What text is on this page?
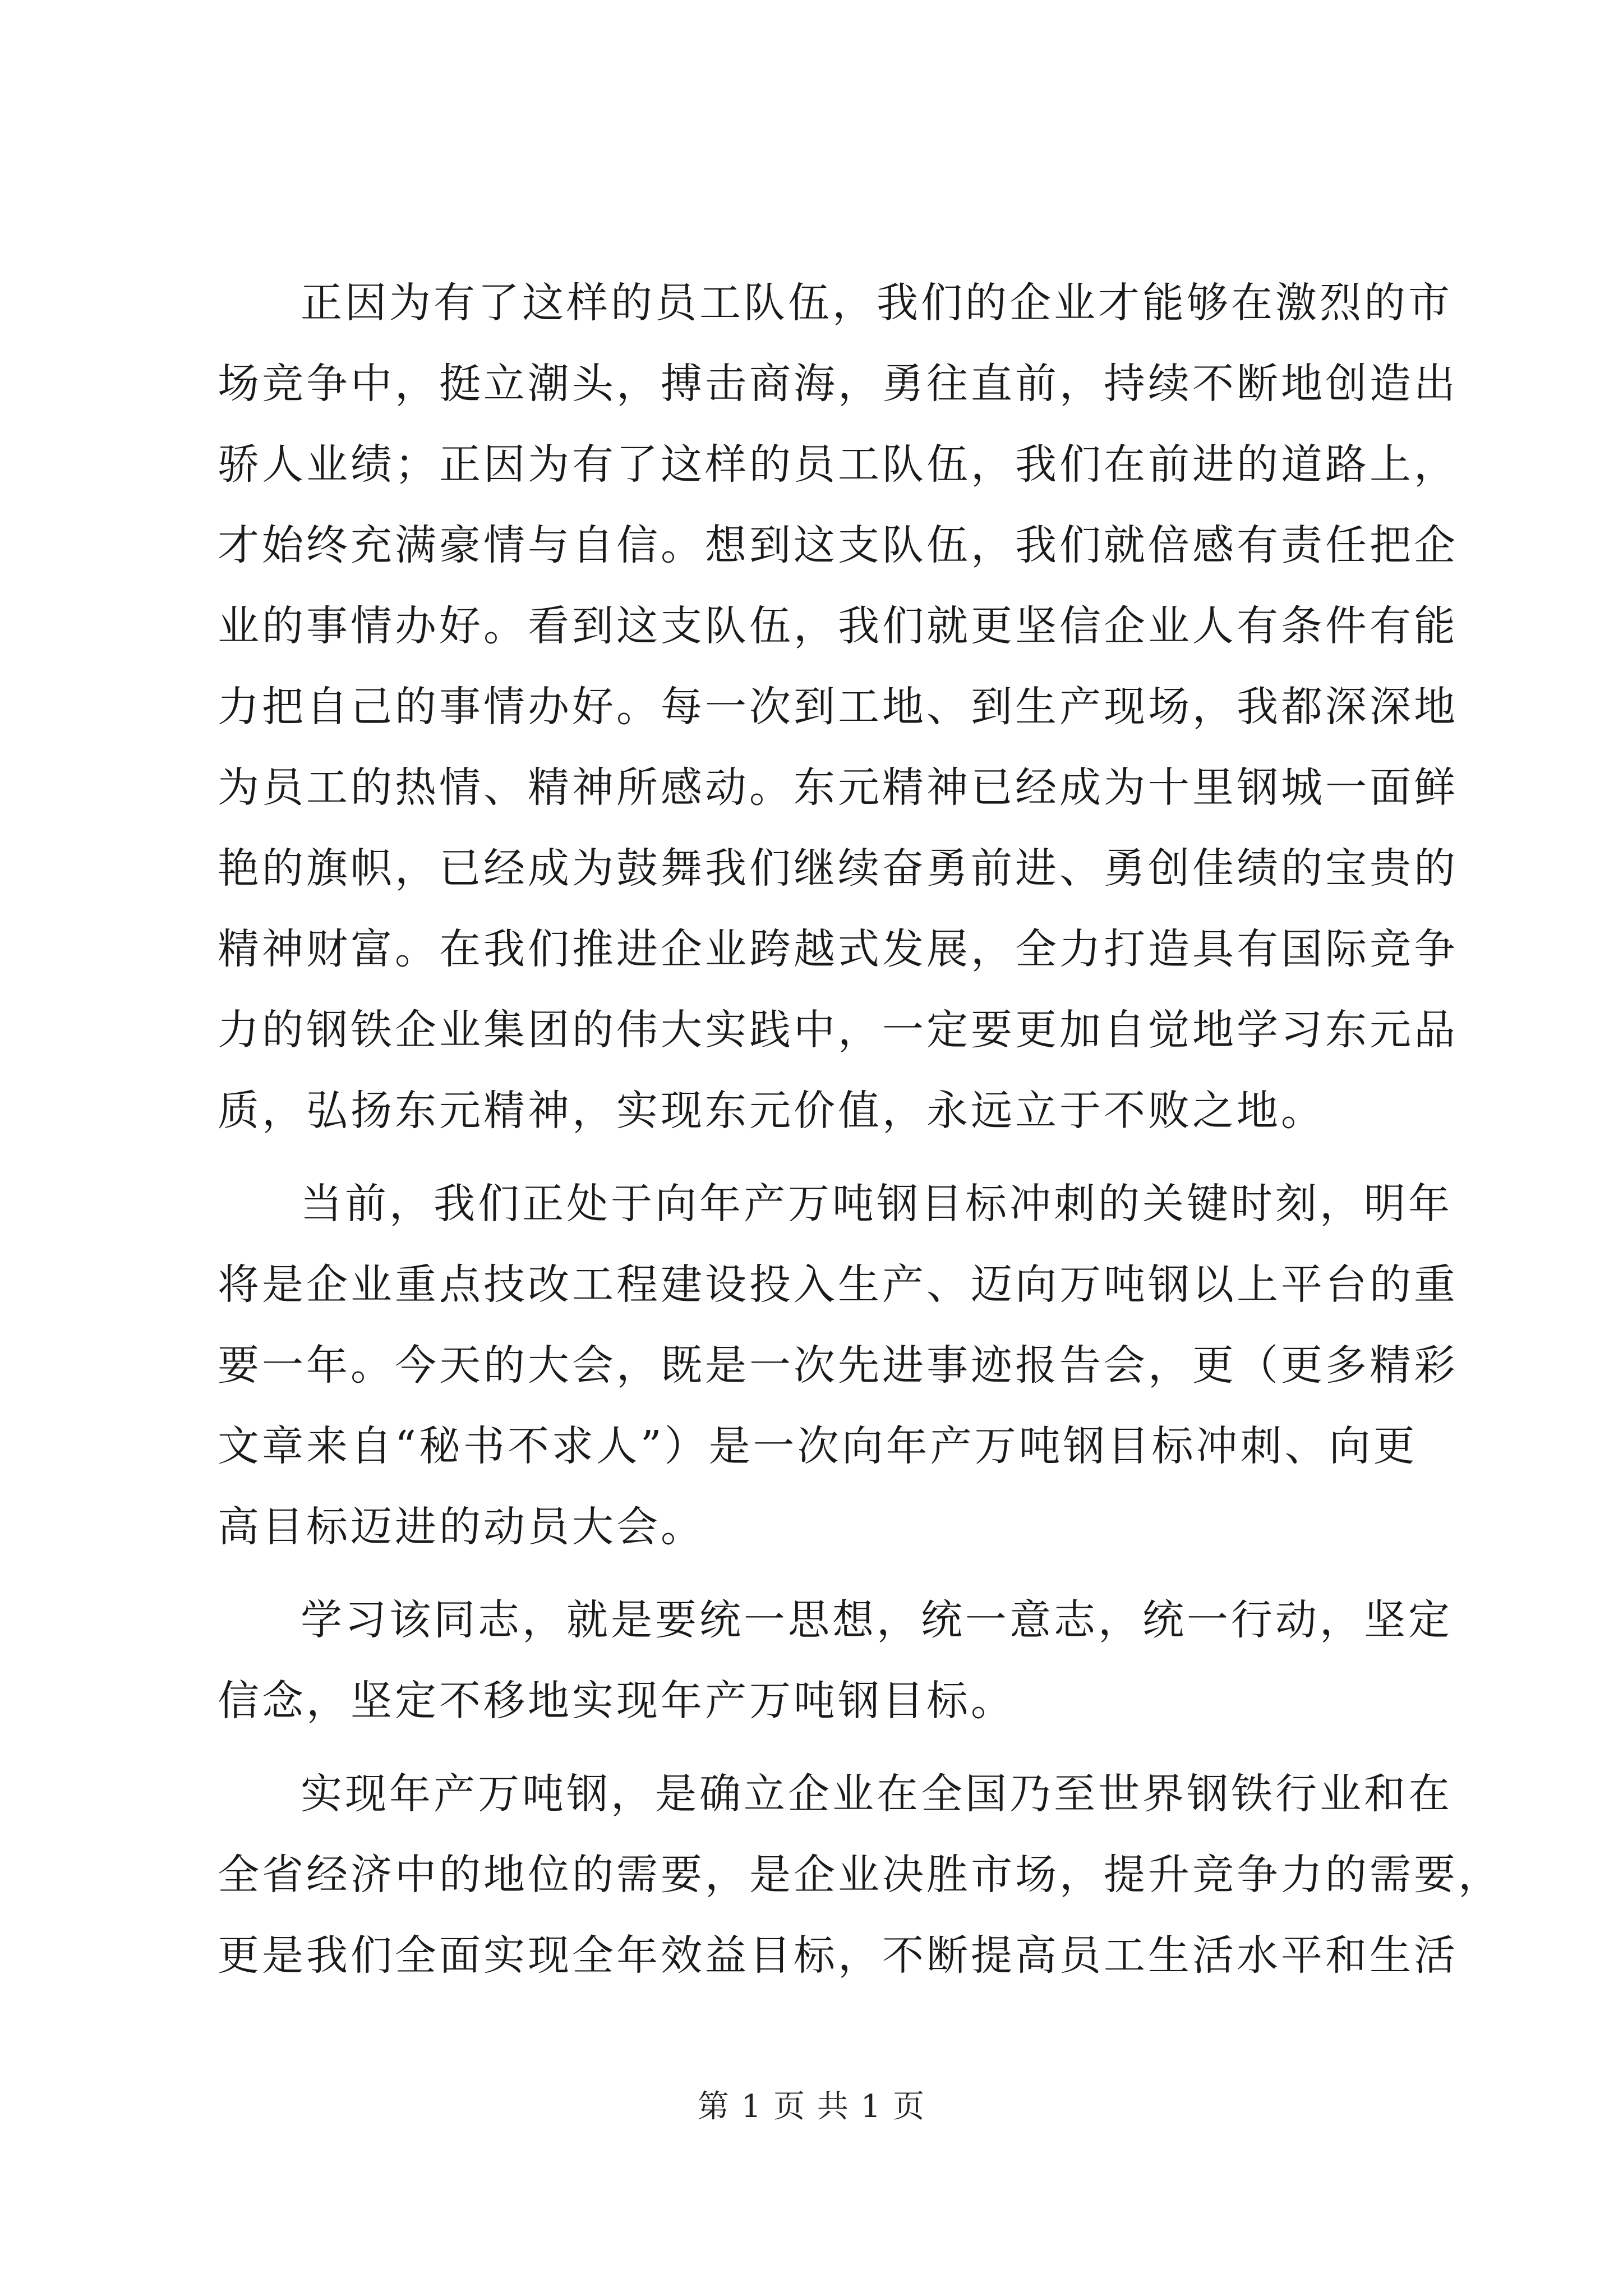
正因为有了这样的员工队伍，我们的企业才能够在激烈的市
场竞争中，挺立潮头，搏击商海，勇往直前，持续不断地创造出
骄人业绩；正因为有了这样的员工队伍，我们在前进的道路上，
才始终充满豪情与自信。想到这支队伍，我们就倍感有责任把企
业的事情办好。看到这支队伍，我们就更坚信企业人有条件有能
力把自己的事情办好。每一次到工地、到生产现场，我都深深地
为员工的热情、精神所感动。东元精神已经成为十里钢城一面鲜
艳的旗帜，已经成为鼓舞我们继续奋勇前进、勇创佳绩的宝贵的
精神财富。在我们推进企业跨越式发展，全力打造具有国际竞争
力的钢铁企业集团的伟大实践中，一定要更加自觉地学习东元品
质，弘扬东元精神，实现东元价值，永远立于不败之地。
当前，我们正处于向年产万吨钢目标冲刺的关键时刻，明年
将是企业重点技改工程建设投入生产、迈向万吨钢以上平台的重
要一年。今天的大会，既是一次先进事迹报告会，更（更多精彩
文章来自“秘书不求人”）是一次向年产万吨钢目标冲刺、向更
高目标迈进的动员大会。
学习该同志，就是要统一思想，统一意志，统一行动，坚定
信念，坚定不移地实现年产万吨钢目标。
实现年产万吨钢，是确立企业在全国乃至世界钢铁行业和在
全省经济中的地位的需要，是企业决胜市场，提升竞争力的需要，
更是我们全面实现全年效益目标，不断提高员工生活水平和生活
第 1 页 共 1 页
